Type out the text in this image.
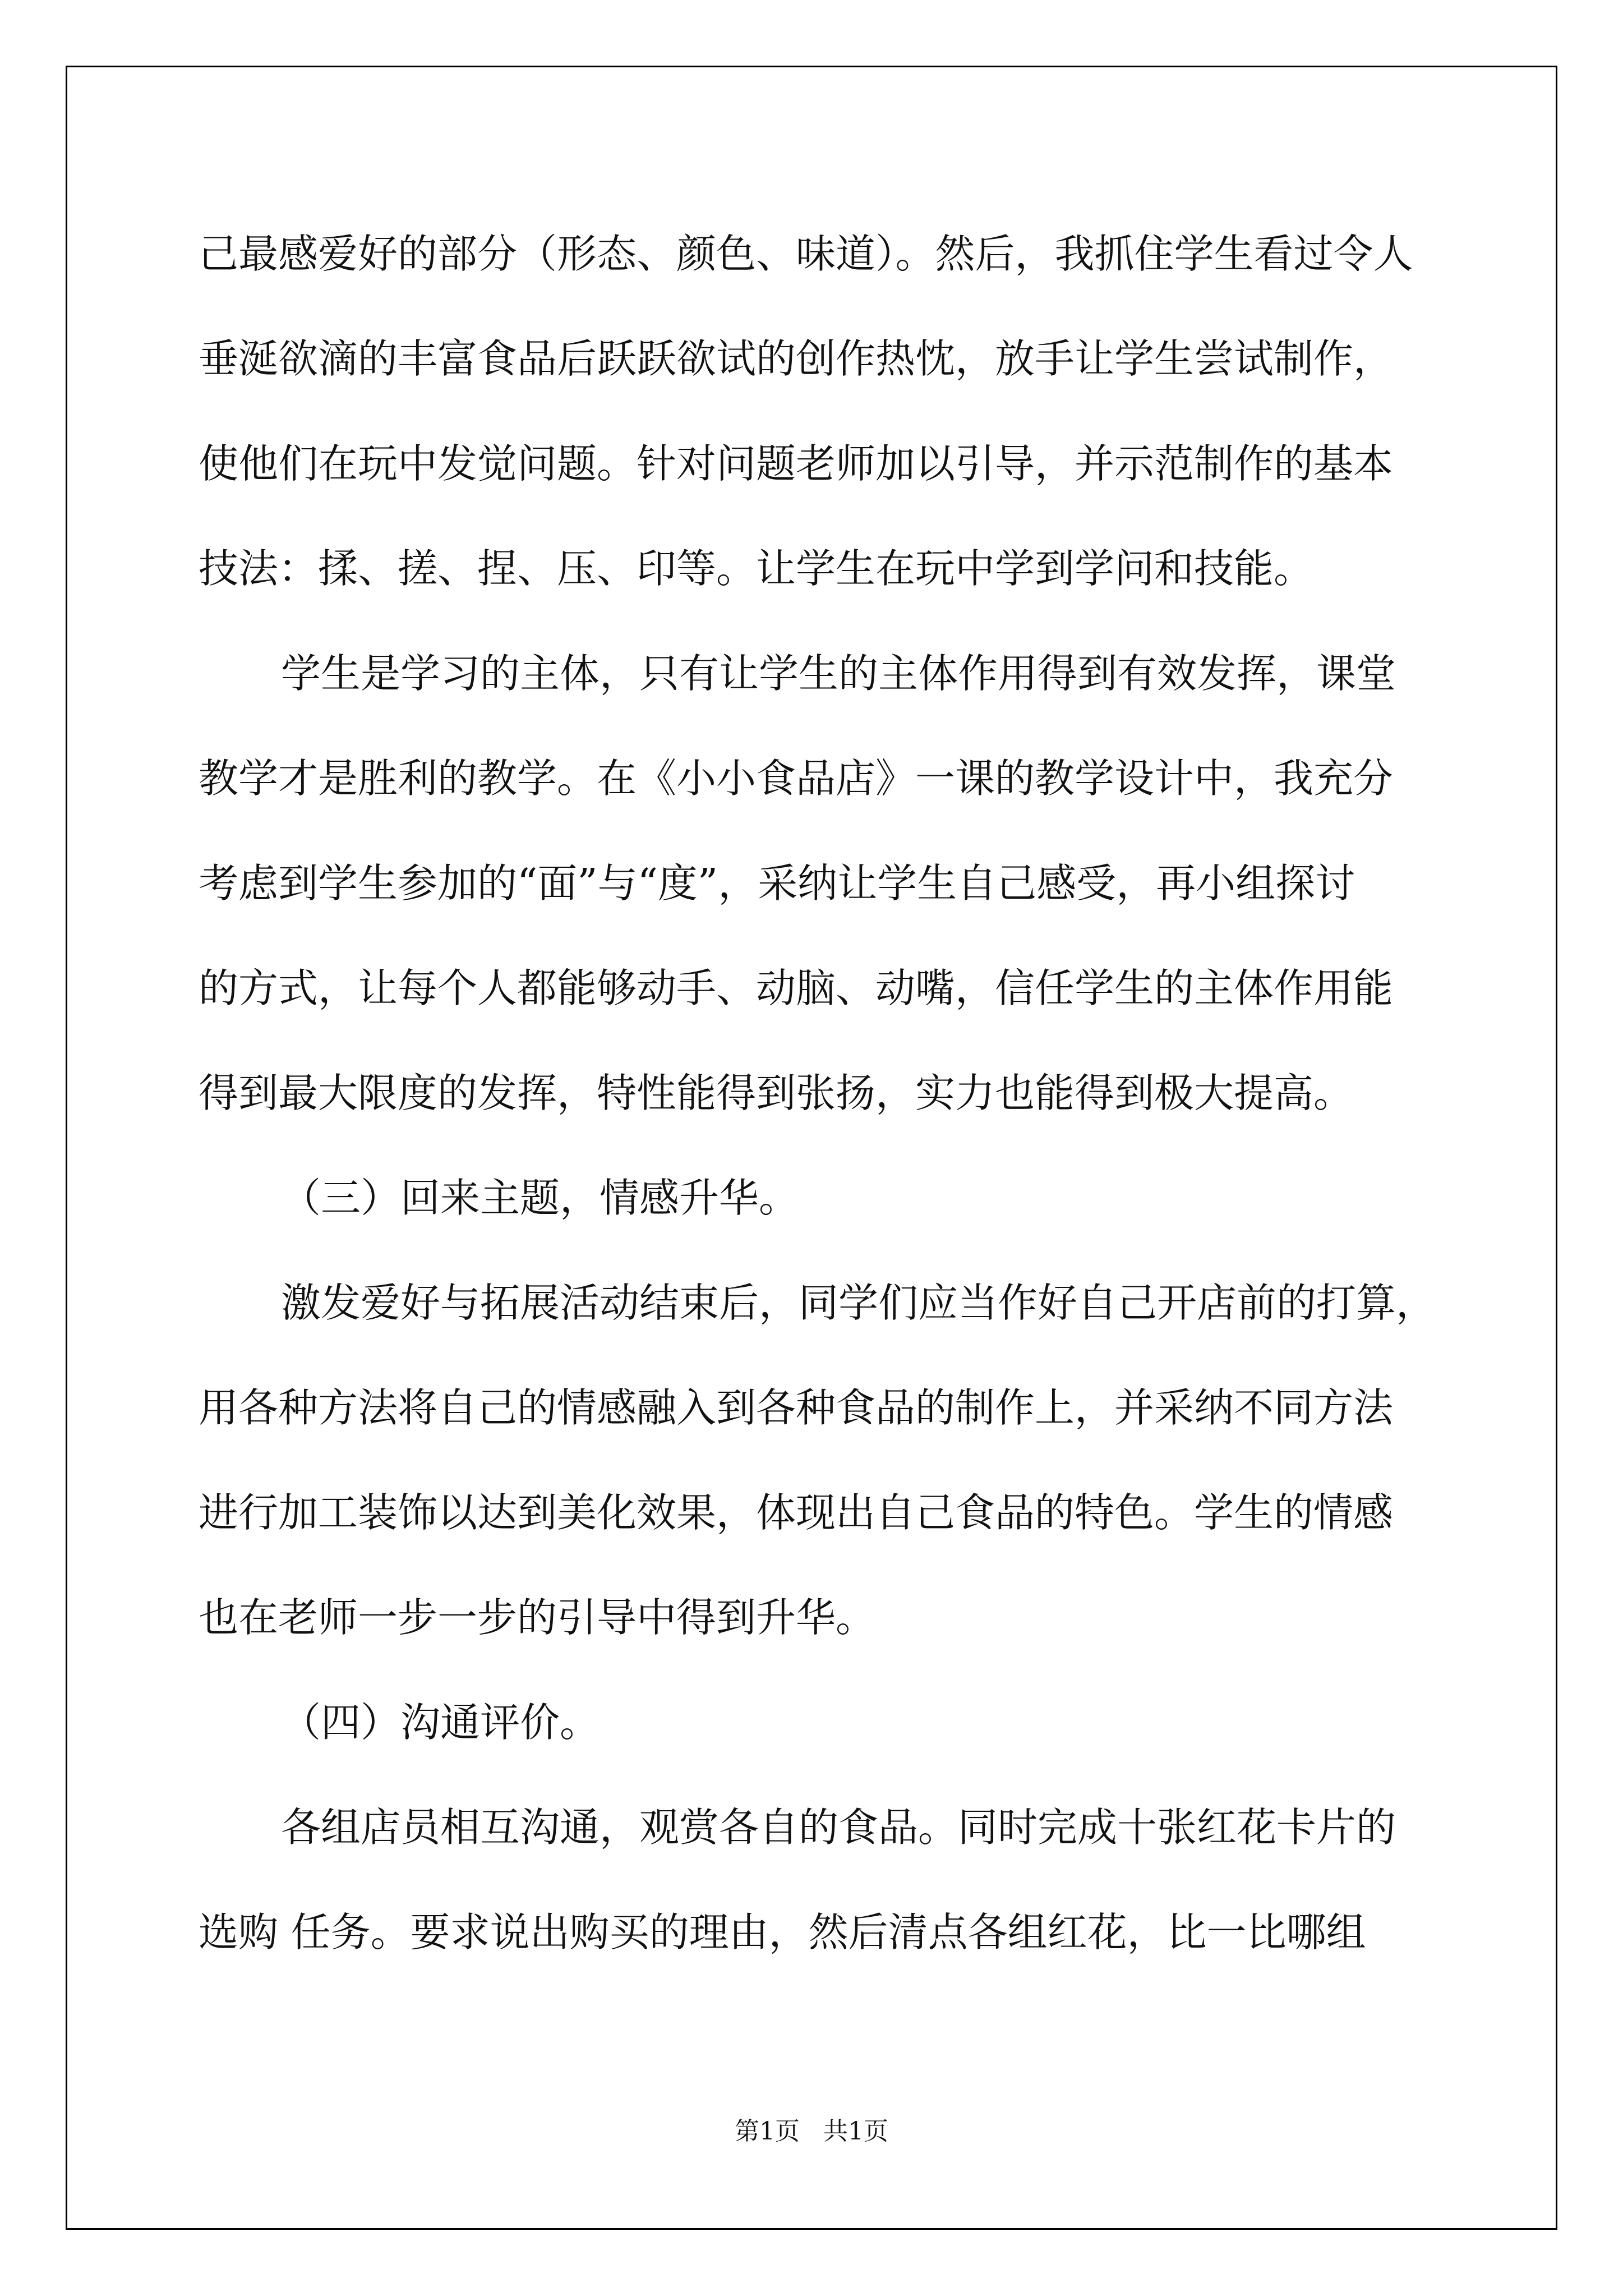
己最感爱好的部分（形态、颜色、味道）。然后，我抓住学生看过令人
垂涎欲滴的丰富食品后跃跃欲试的创作热忱，放手让学生尝试制作，
使他们在玩中发觉问题。针对问题老师加以引导，并示范制作的基本
技法：揉、搓、捏、压、印等。让学生在玩中学到学问和技能。
学生是学习的主体，只有让学生的主体作用得到有效发挥，课堂
教学才是胜利的教学。在《小小食品店》一课的教学设计中，我充分
考虑到学生参加的“面”与“度”，采纳让学生自己感受，再小组探讨
的方式，让每个人都能够动手、动脑、动嘴，信任学生的主体作用能
得到最大限度的发挥，特性能得到张扬，实力也能得到极大提高。
（三）回来主题，情感升华。
激发爱好与拓展活动结束后，同学们应当作好自己开店前的打算，
用各种方法将自己的情感融入到各种食品的制作上，并采纳不同方法
进行加工装饰以达到美化效果，体现出自己食品的特色。学生的情感
也在老师一步一步的引导中得到升华。
（四）沟通评价。
各组店员相互沟通，观赏各自的食品。同时完成十张红花卡片的
选购 任务。要求说出购买的理由，然后清点各组红花，比一比哪组
第1页   共1页
